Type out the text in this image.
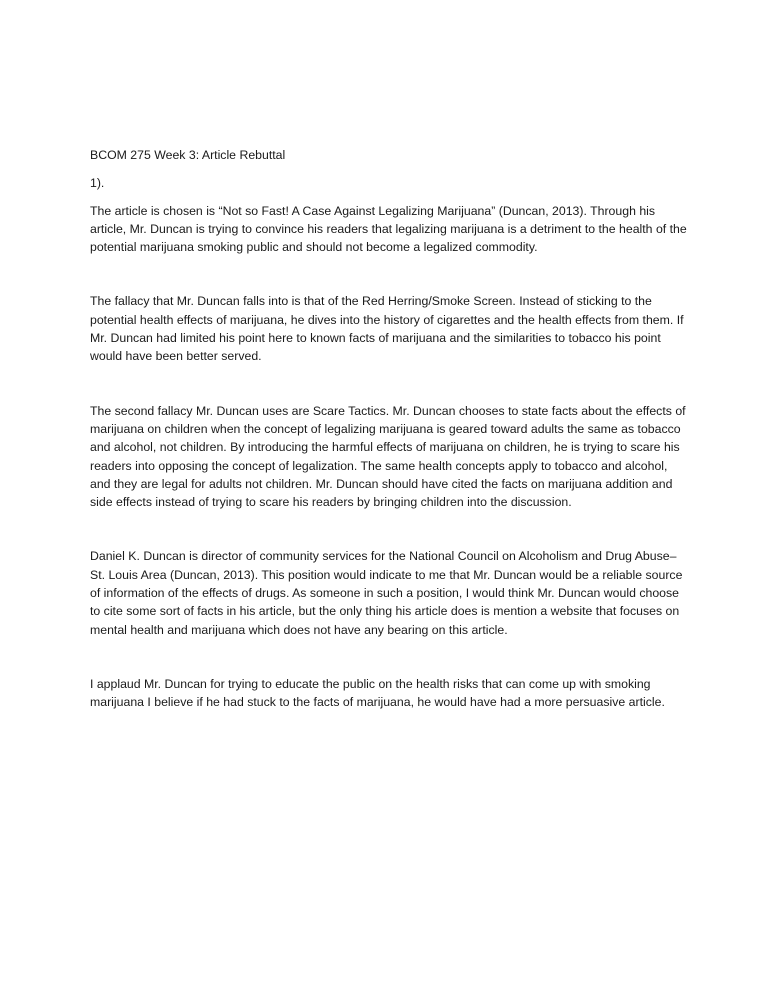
BCOM 275 Week 3: Article Rebuttal

1).

The article is chosen is “Not so Fast! A Case Against Legalizing Marijuana” (Duncan, 2013). Through his article, Mr. Duncan is trying to convince his readers that legalizing marijuana is a detriment to the health of the potential marijuana smoking public and should not become a legalized commodity.

The fallacy that Mr. Duncan falls into is that of the Red Herring/Smoke Screen. Instead of sticking to the potential health effects of marijuana, he dives into the history of cigarettes and the health effects from them. If Mr. Duncan had limited his point here to known facts of marijuana and the similarities to tobacco his point would have been better served.

The second fallacy Mr. Duncan uses are Scare Tactics. Mr. Duncan chooses to state facts about the effects of marijuana on children when the concept of legalizing marijuana is geared toward adults the same as tobacco and alcohol, not children. By introducing the harmful effects of marijuana on children, he is trying to scare his readers into opposing the concept of legalization. The same health concepts apply to tobacco and alcohol, and they are legal for adults not children. Mr. Duncan should have cited the facts on marijuana addition and side effects instead of trying to scare his readers by bringing children into the discussion.

Daniel K. Duncan is director of community services for the National Council on Alcoholism and Drug Abuse–St. Louis Area (Duncan, 2013). This position would indicate to me that Mr. Duncan would be a reliable source of information of the effects of drugs. As someone in such a position, I would think Mr. Duncan would choose to cite some sort of facts in his article, but the only thing his article does is mention a website that focuses on mental health and marijuana which does not have any bearing on this article.

I applaud Mr. Duncan for trying to educate the public on the health risks that can come up with smoking marijuana I believe if he had stuck to the facts of marijuana, he would have had a more persuasive article.
